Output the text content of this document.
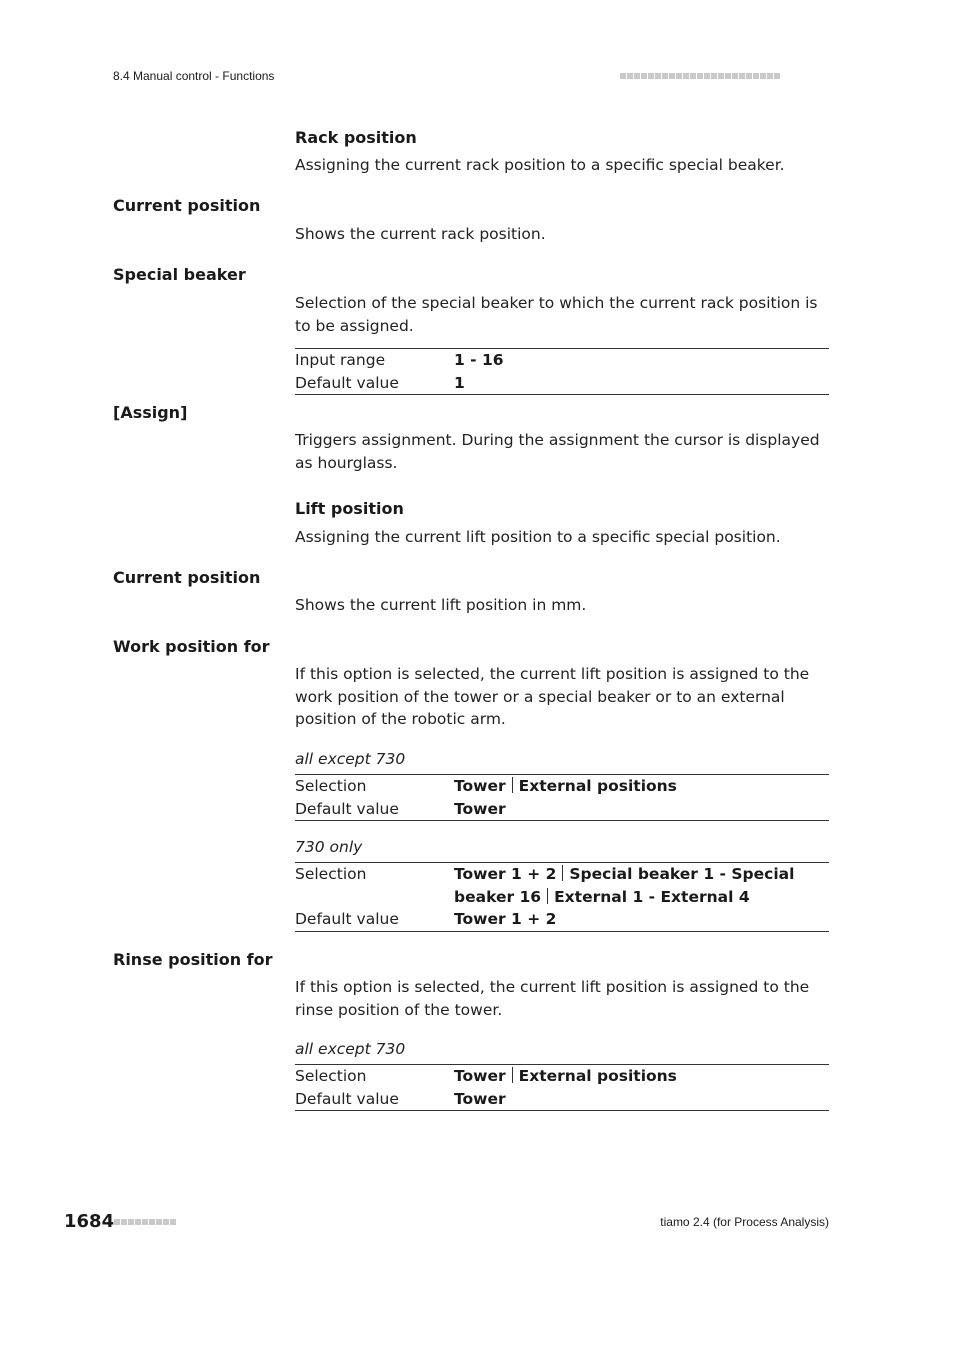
8.4 Manual control - Functions
Rack position
Assigning the current rack position to a specific special beaker.
Current position
Shows the current rack position.
Special beaker
Selection of the special beaker to which the current rack position is to be assigned.
Input range	1 - 16
Default value	1
[Assign]
Triggers assignment. During the assignment the cursor is displayed as hourglass.
Lift position
Assigning the current lift position to a specific special position.
Current position
Shows the current lift position in mm.
Work position for
If this option is selected, the current lift position is assigned to the work position of the tower or a special beaker or to an external position of the robotic arm.
all except 730
Selection	Tower External positions
Default value	Tower
730 only
Selection	Tower 1 + 2 Special beaker 1 - Special
beaker 16 External 1 - External 4
Default value	Tower 1 + 2
Rinse position for
If this option is selected, the current lift position is assigned to the rinse position of the tower.
all except 730
Selection	Tower External positions
Default value	Tower
1684	tiamo 2.4 (for Process Analysis)
